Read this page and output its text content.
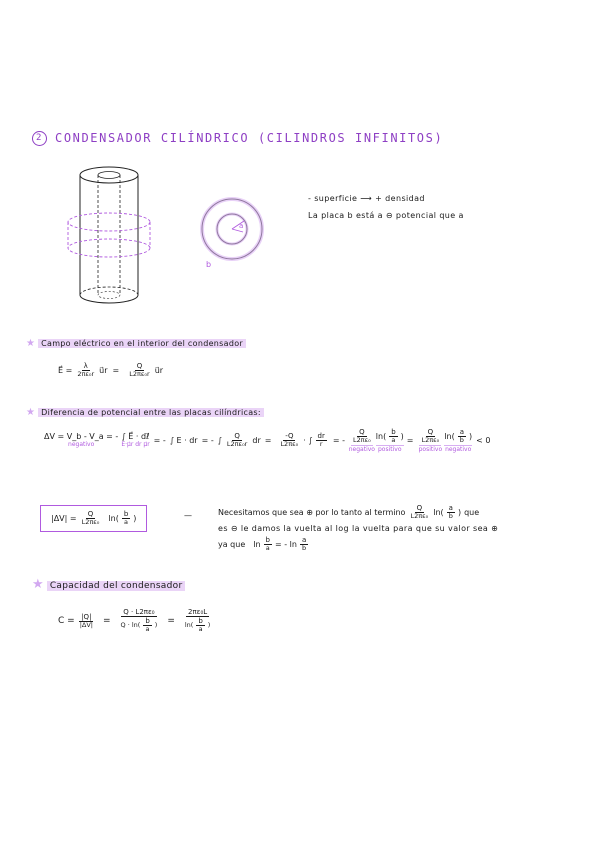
2 CONDENSADOR CILÍNDRICO (CILINDROS INFINITOS)
a
b
- superficie ⟶ + densidad
La placa b está a ⊖ potencial que a
★ Campo eléctrico en el interior del condensador
E⃗ = $\frac{\lambda}{\text{2πε₀r}}$ u⃗r = $\frac{Q}{\text{L2πε₀r}}$ u⃗r
★ Diferencia de potencial entre las placas cilíndricas:
ΔV = V_b - V_a = -
negativo
∫ E⃗ · dℓ⃗
E·μ⃗r dr μ⃗r = - ∫ E · dr = - ∫ $\frac{Q}{\text{L2πε₀r}}$ dr = $\frac{-Q}{\text{L2πε₀}}$ · ∫ $\frac{dr}{r}$ = - $\frac{Q}{\text{L2πε₀}}$
negativo
ln ( $\frac{b}{a}$ )
positivo
= $\frac{Q}{\text{L2πε₀}}$
positivo
ln ( $\frac{a}{b}$ )
negativo
< 0
$|\Delta V| = \frac{Q}{\text{L2πε₀}}$ ln ( $\frac{b}{a}$ )	—	Necesitamos que sea ⊕ por lo tanto al termino $\frac{Q}{\text{L2πε₀}}$ ln ( $\frac{a}{b}$ ) que
es ⊖ le damos la vuelta al log la vuelta para que su valor sea ⊕
ya que $\ln \frac{b}{a}$ = - $\ln \frac{a}{b}$
★ Capacidad del condensador
$C = \frac{|Q|}{|\Delta V|} = \frac{\text{Q · L2πε₀}}{Q \cdot \ln ( \frac{b}{a} )} = \frac{\text{2πε₀L}}{\ln ( \frac{b}{a} )}$
